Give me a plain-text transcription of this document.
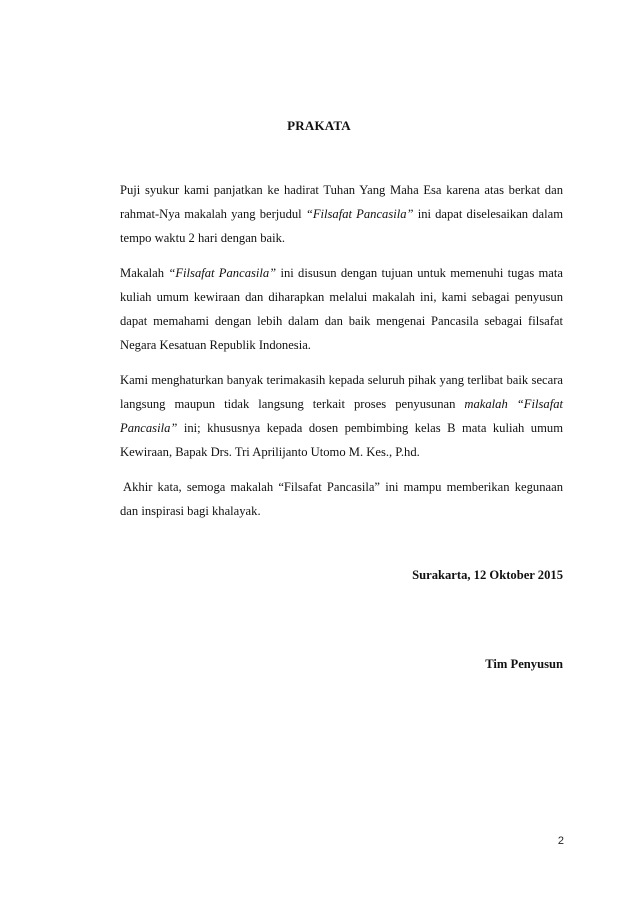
PRAKATA

Puji syukur kami panjatkan ke hadirat Tuhan Yang Maha Esa karena atas berkat dan rahmat-Nya makalah yang berjudul “Filsafat Pancasila” ini dapat diselesaikan dalam tempo waktu 2 hari dengan baik.

Makalah “Filsafat Pancasila” ini disusun dengan tujuan untuk memenuhi tugas mata kuliah umum kewiraan dan diharapkan melalui makalah ini, kami sebagai penyusun dapat memahami dengan lebih dalam dan baik mengenai Pancasila sebagai filsafat Negara Kesatuan Republik Indonesia.

Kami menghaturkan banyak terimakasih kepada seluruh pihak yang terlibat baik secara langsung maupun tidak langsung terkait proses penyusunan makalah “Filsafat Pancasila” ini; khususnya kepada dosen pembimbing kelas B mata kuliah umum Kewiraan, Bapak Drs. Tri Aprilijanto Utomo M. Kes., P.hd.

Akhir kata, semoga makalah “Filsafat Pancasila” ini mampu memberikan kegunaan dan inspirasi bagi khalayak.

Surakarta, 12 Oktober 2015
Tim Penyusun
2
